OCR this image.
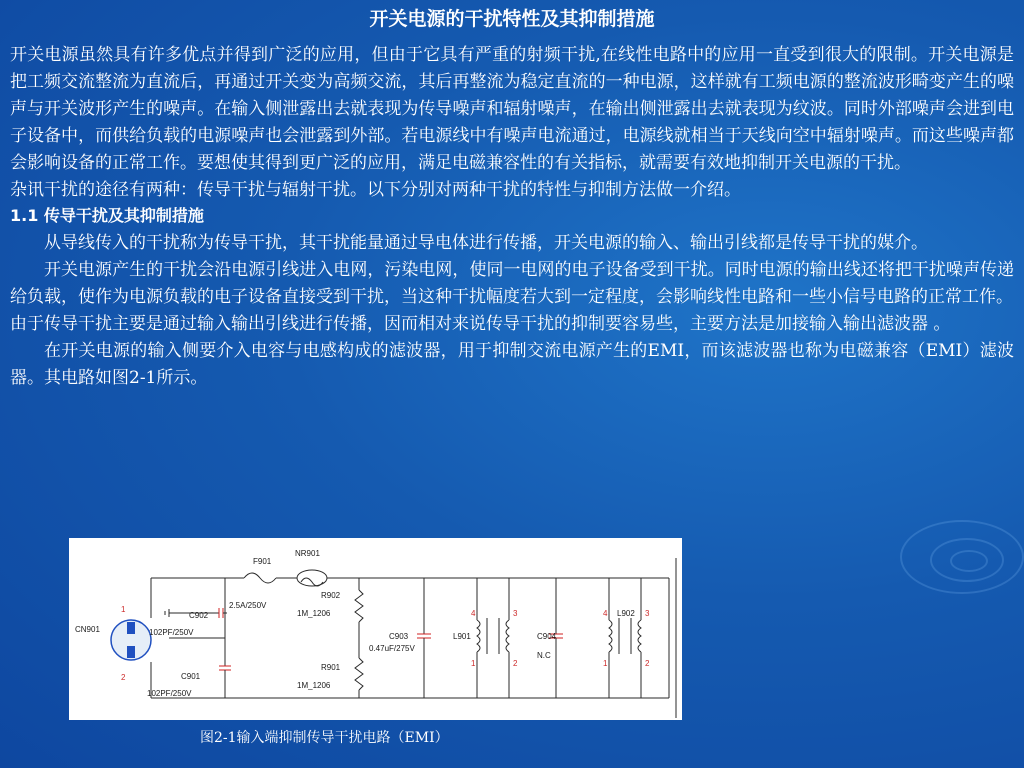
开关电源的干扰特性及其抑制措施

开关电源虽然具有许多优点并得到广泛的应用，但由于它具有严重的射频干扰,在线性电路中的应用一直受到很大的限制。开关电源是把工频交流整流为直流后，再通过开关变为高频交流，其后再整流为稳定直流的一种电源，这样就有工频电源的整流波形畸变产生的噪声与开关波形产生的噪声。在输入侧泄露出去就表现为传导噪声和辐射噪声，在输出侧泄露出去就表现为纹波。同时外部噪声会进到电子设备中，而供给负载的电源噪声也会泄露到外部。若电源线中有噪声电流通过，电源线就相当于天线向空中辐射噪声。而这些噪声都会影响设备的正常工作。要想使其得到更广泛的应用，满足电磁兼容性的有关指标，就需要有效地抑制开关电源的干扰。

杂讯干扰的途径有两种：传导干扰与辐射干扰。以下分别对两种干扰的特性与抑制方法做一介绍。

1.1 传导干扰及其抑制措施

从导线传入的干扰称为传导干扰，其干扰能量通过导电体进行传播，开关电源的输入、输出引线都是传导干扰的媒介。

开关电源产生的干扰会沿电源引线进入电网，污染电网，使同一电网的电子设备受到干扰。同时电源的输出线还将把干扰噪声传递给负载，使作为电源负载的电子设备直接受到干扰，当这种干扰幅度若大到一定程度，会影响线性电路和一些小信号电路的正常工作。

由于传导干扰主要是通过输入输出引线进行传播，因而相对来说传导干扰的抑制要容易些，主要方法是加接输入输出滤波器 。

在开关电源的输入侧要介入电容与电感构成的滤波器，用于抑制交流电源产生的EMI，而该滤波器也称为电磁兼容（EMI）滤波器。其电路如图2-1所示。

F901
NR901
CN901
C902
2.5A/250V
102PF/250V
R902
1M_1206
C903
0.47uF/275V
L901	C904
N.C
L902
R901
1M_1206
C901
102PF/250V
1
2
4	3
1	2
4	3
1	2
图2-1输入端抑制传导干扰电路（EMI）
